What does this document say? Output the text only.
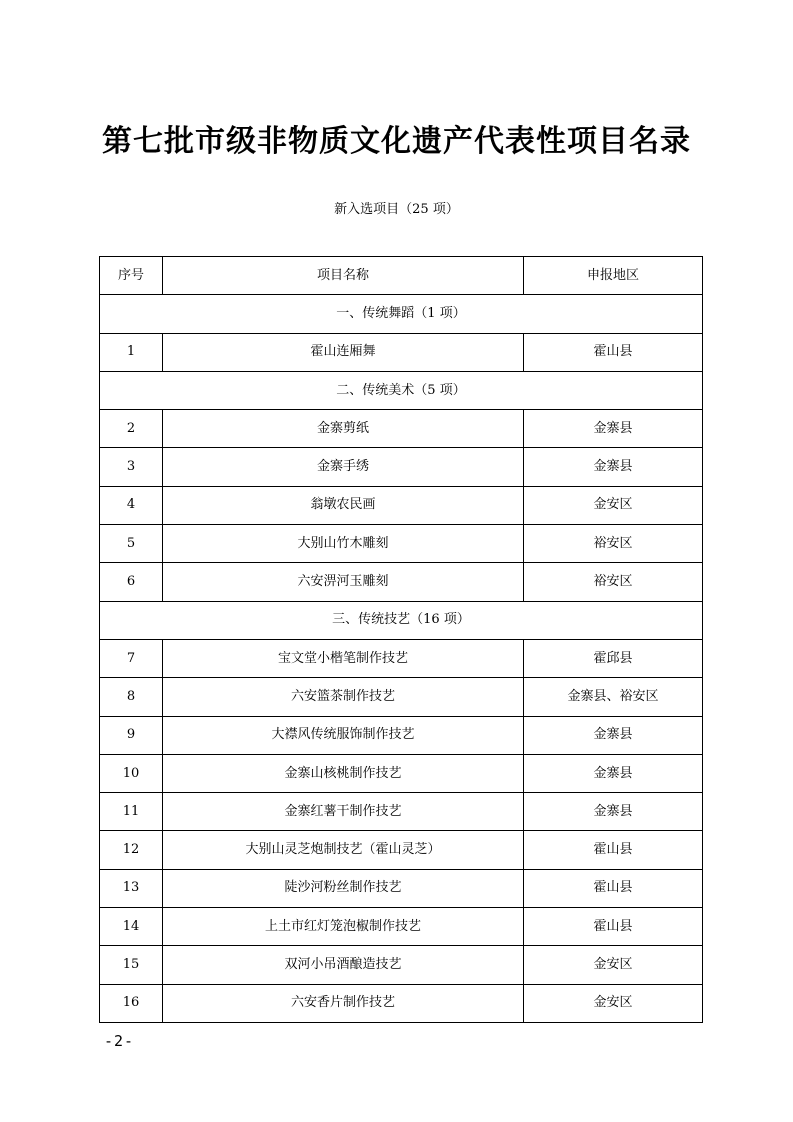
第七批市级非物质文化遗产代表性项目名录
新入选项目（25 项）
序号	项目名称	申报地区
一、传统舞蹈（1 项）		
1	霍山连厢舞	霍山县
二、传统美术（5 项）		
2	金寨剪纸	金寨县
3	金寨手绣	金寨县
4	翁墩农民画	金安区
5	大别山竹木雕刻	裕安区
6	六安淠河玉雕刻	裕安区
三、传统技艺（16 项）		
7	宝文堂小楷笔制作技艺	霍邱县
8	六安篮茶制作技艺	金寨县、裕安区
9	大襟风传统服饰制作技艺	金寨县
10	金寨山核桃制作技艺	金寨县
11	金寨红薯干制作技艺	金寨县
12	大别山灵芝炮制技艺（霍山灵芝）	霍山县
13	陡沙河粉丝制作技艺	霍山县
14	上土市红灯笼泡椒制作技艺	霍山县
15	双河小吊酒酿造技艺	金安区
16	六安香片制作技艺	金安区
-2-
